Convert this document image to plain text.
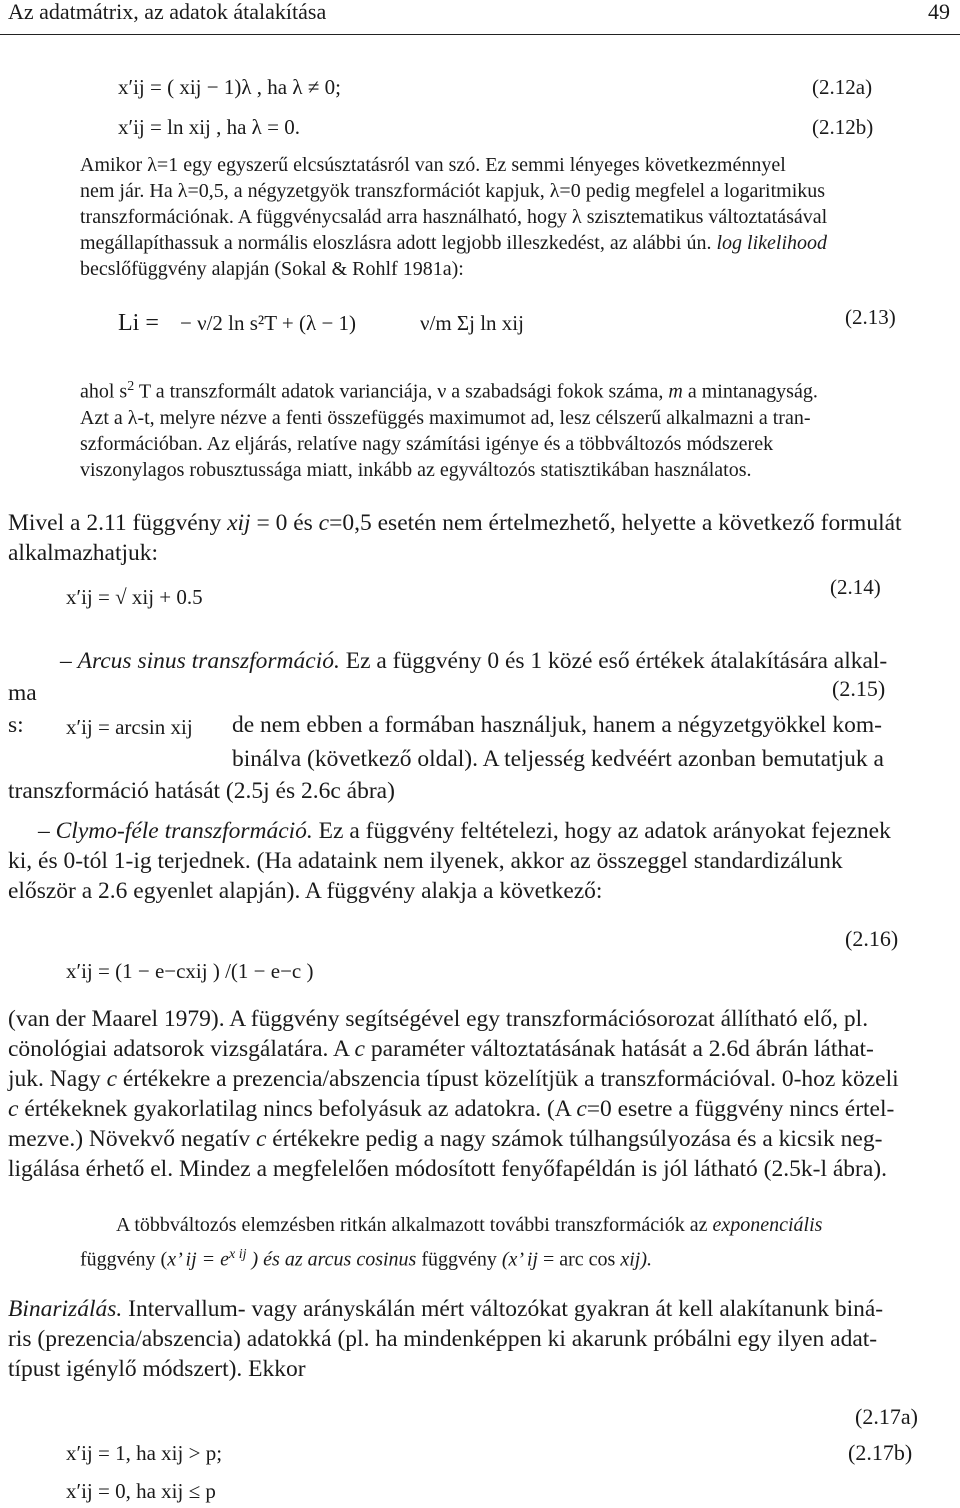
Az adatmátrix, az adatok átalakítása	49
x′ij = ( xij − 1)λ , ha λ ≠ 0;	(2.12a)
x′ij = ln xij , ha λ = 0.	(2.12b)
Amikor λ=1 egy egyszerű elcsúsztatásról van szó. Ez semmi lényeges következménnyel
nem jár. Ha λ=0,5, a négyzetgyök transzformációt kapjuk, λ=0 pedig megfelel a logaritmikus
transzformációnak. A függvénycsalád arra használható, hogy λ szisztematikus változtatásával
megállapíthassuk a normális eloszlásra adott legjobb illeszkedést, az alábbi ún. log likelihood
becslőfüggvény alapján (Sokal & Rohlf 1981a):
Li = − ν/2 ln s²T + (λ − 1)	ν/m Σj ln xij	(2.13)
ahol $s^2$ T a transzformált adatok varianciája, ν a szabadsági fokok száma, m a mintanagyság.
Azt a λ-t, melyre nézve a fenti összefüggés maximumot ad, lesz célszerű alkalmazni a tran-
szformációban. Az eljárás, relatíve nagy számítási igénye és a többváltozós módszerek
viszonylagos robusztussága miatt, inkább az egyváltozós statisztikában használatos.
Mivel a 2.11 függvény xij = 0 és c=0,5 esetén nem értelmezhető, helyette a következő formulát
alkalmazhatjuk:
x′ij = √ xij + 0.5	(2.14)
– Arcus sinus transzformáció. Ez a függvény 0 és 1 közé eső értékek átalakítására alkal-
ma	(2.15)
s: x′ij = arcsin xij de nem ebben a formában használjuk, hanem a négyzetgyökkel kom-
binálva (következő oldal). A teljesség kedvéért azonban bemutatjuk a
transzformáció hatását (2.5j és 2.6c ábra)
– Clymo-féle transzformáció. Ez a függvény feltételezi, hogy az adatok arányokat fejeznek
ki, és 0-tól 1-ig terjednek. (Ha adataink nem ilyenek, akkor az összeggel standardizálunk
először a 2.6 egyenlet alapján). A függvény alakja a következő:
(2.16)
x′ij = (1 − e−cxij ) /(1 − e−c )
(van der Maarel 1979). A függvény segítségével egy transzformációsorozat állítható elő, pl.
cönológiai adatsorok vizsgálatára. A c paraméter változtatásának hatását a 2.6d ábrán láthat-
juk. Nagy c értékekre a prezencia/abszencia típust közelítjük a transzformációval. 0-hoz közeli
c értékeknek gyakorlatilag nincs befolyásuk az adatokra. (A c=0 esetre a függvény nincs értel-
mezve.) Növekvő negatív c értékekre pedig a nagy számok túlhangsúlyozása és a kicsik neg-
ligálása érhető el. Mindez a megfelelően módosított fenyőfapéldán is jól látható (2.5k-l ábra).
A többváltozós elemzésben ritkán alkalmazott további transzformációk az exponenciális
függvény (x’ ij = $e^{x ij}$ ) és az arcus cosinus függvény (x’ ij = arc cos xij).
Binarizálás. Intervallum- vagy arányskálán mért változókat gyakran át kell alakítanunk biná-
ris (prezencia/abszencia) adatokká (pl. ha mindenképpen ki akarunk próbálni egy ilyen adat-
típust igénylő módszert). Ekkor
(2.17a)
x′ij = 1, ha xij > p;	(2.17b)
x′ij = 0, ha xij ≤ p
